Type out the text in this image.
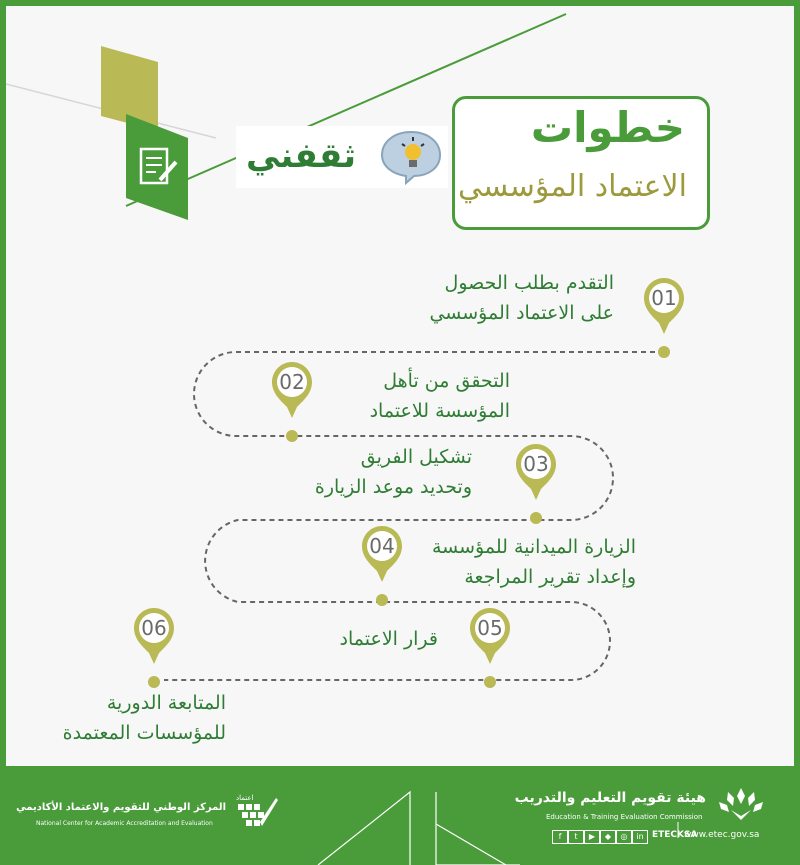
ثقفني
خطوات
الاعتماد المؤسسي
01
02
03
04
05
06
التقدم بطلب الحصول
على الاعتماد المؤسسي
التحقق من تأهل
المؤسسة للاعتماد
تشكيل الفريق
وتحديد موعد الزيارة
الزيارة الميدانية للمؤسسة
وإعداد تقرير المراجعة
قرار الاعتماد
المتابعة الدورية
للمؤسسات المعتمدة
هيئة تقويم التعليم والتدريب
Education & Training Evaluation Commission
f	t	▶	◆	◎	in ETECKSA
www.etec.gov.sa
المركز الوطني للتقويم والاعتماد الأكاديمي
National Center for Academic Accreditation and Evaluation
اعتماد
